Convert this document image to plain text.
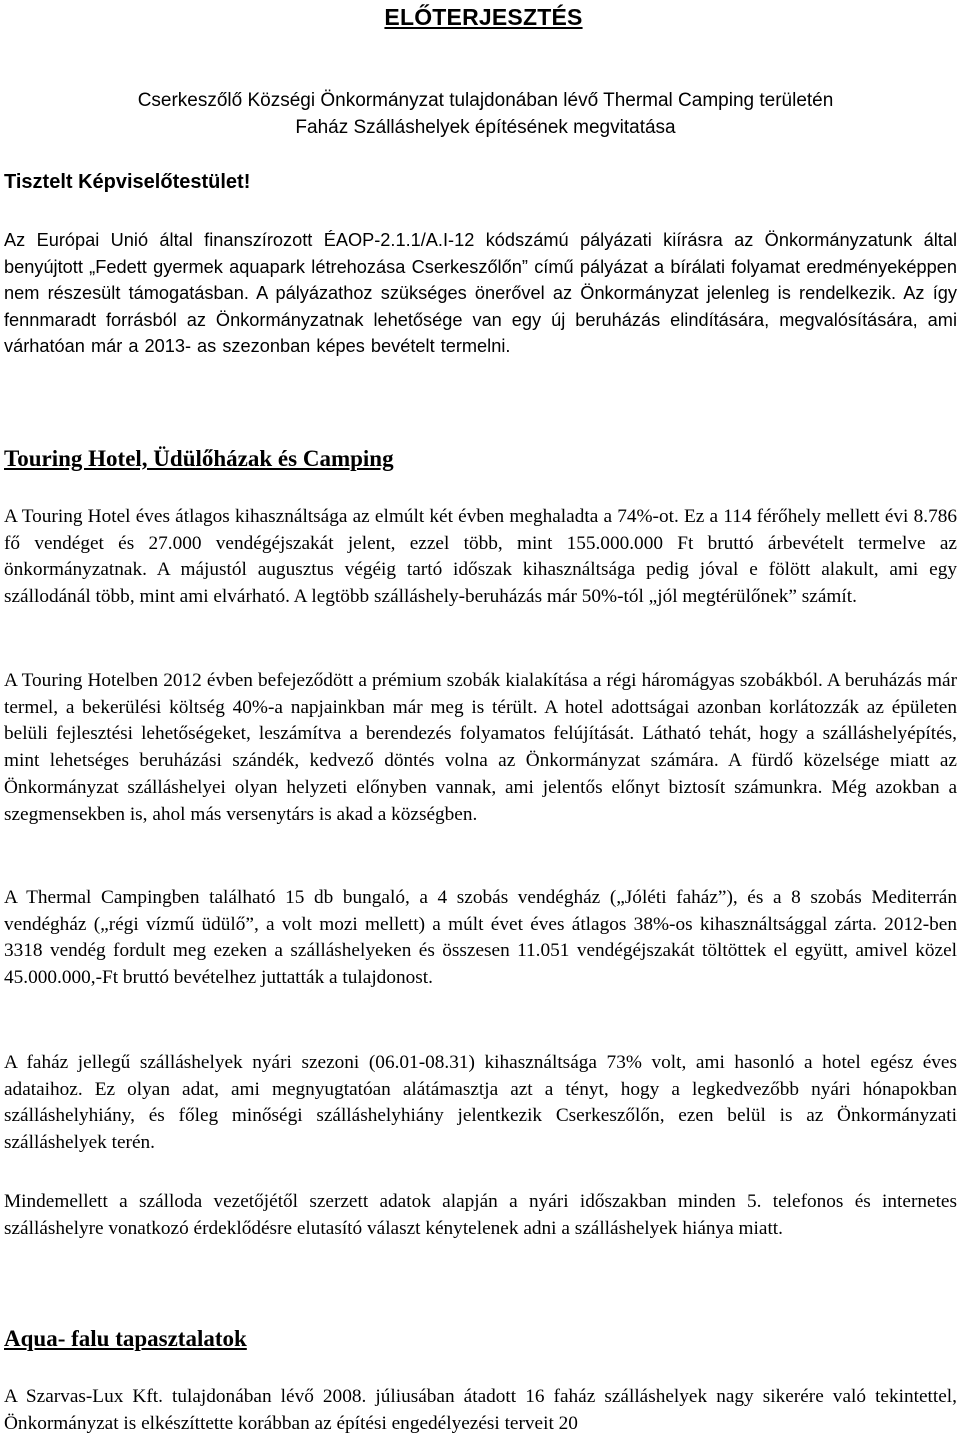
ELŐTERJESZTÉS
Cserkeszőlő Községi Önkormányzat tulajdonában lévő Thermal Camping területén Faház Szálláshelyek építésének megvitatása
Tisztelt Képviselőtestület!

Az Európai Unió által finanszírozott ÉAOP-2.1.1/A.I-12 kódszámú pályázati kiírásra az Önkormányzatunk által benyújtott „Fedett gyermek aquapark létrehozása Cserkeszőlőn” című pályázat a bírálati folyamat eredményeképpen nem részesült támogatásban. A pályázathoz szükséges önerővel az Önkormányzat jelenleg is rendelkezik. Az így fennmaradt forrásból az Önkormányzatnak lehetősége van egy új beruházás elindítására, megvalósítására, ami várhatóan már a 2013- as szezonban képes bevételt termelni.

Touring Hotel, Üdülőházak és Camping

A Touring Hotel éves átlagos kihasználtsága az elmúlt két évben meghaladta a 74%-ot. Ez a 114 férőhely mellett évi 8.786 fő vendéget és 27.000 vendégéjszakát jelent, ezzel több, mint 155.000.000 Ft bruttó árbevételt termelve az önkormányzatnak. A májustól augusztus végéig tartó időszak kihasználtsága pedig jóval e fölött alakult, ami egy szállodánál több, mint ami elvárható. A legtöbb szálláshely-beruházás már 50%-tól „jól megtérülőnek” számít.

A Touring Hotelben 2012 évben befejeződött a prémium szobák kialakítása a régi háromágyas szobákból. A beruházás már termel, a bekerülési költség 40%-a napjainkban már meg is térült. A hotel adottságai azonban korlátozzák az épületen belüli fejlesztési lehetőségeket, leszámítva a berendezés folyamatos felújítását. Látható tehát, hogy a szálláshelyépítés, mint lehetséges beruházási szándék, kedvező döntés volna az Önkormányzat számára. A fürdő közelsége miatt az Önkormányzat szálláshelyei olyan helyzeti előnyben vannak, ami jelentős előnyt biztosít számunkra. Még azokban a szegmensekben is, ahol más versenytárs is akad a községben.

A Thermal Campingben található 15 db bungaló, a 4 szobás vendégház („Jóléti faház”), és a 8 szobás Mediterrán vendégház („régi vízmű üdülő”, a volt mozi mellett) a múlt évet éves átlagos 38%-os kihasználtsággal zárta. 2012-ben 3318 vendég fordult meg ezeken a szálláshelyeken és összesen 11.051 vendégéjszakát töltöttek el együtt, amivel közel 45.000.000,-Ft bruttó bevételhez juttatták a tulajdonost.

A faház jellegű szálláshelyek nyári szezoni (06.01-08.31) kihasználtsága 73% volt, ami hasonló a hotel egész éves adataihoz. Ez olyan adat, ami megnyugtatóan alátámasztja azt a tényt, hogy a legkedvezőbb nyári hónapokban szálláshelyhiány, és főleg minőségi szálláshelyhiány jelentkezik Cserkeszőlőn, ezen belül is az Önkormányzati szálláshelyek terén.

Mindemellett a szálloda vezetőjétől szerzett adatok alapján a nyári időszakban minden 5. telefonos és internetes szálláshelyre vonatkozó érdeklődésre elutasító választ kénytelenek adni a szálláshelyek hiánya miatt.

Aqua- falu tapasztalatok

A Szarvas-Lux Kft. tulajdonában lévő 2008. júliusában átadott 16 faház szálláshelyek nagy sikerére való tekintettel, Önkormányzat is elkészíttette korábban az építési engedélyezési terveit 20
